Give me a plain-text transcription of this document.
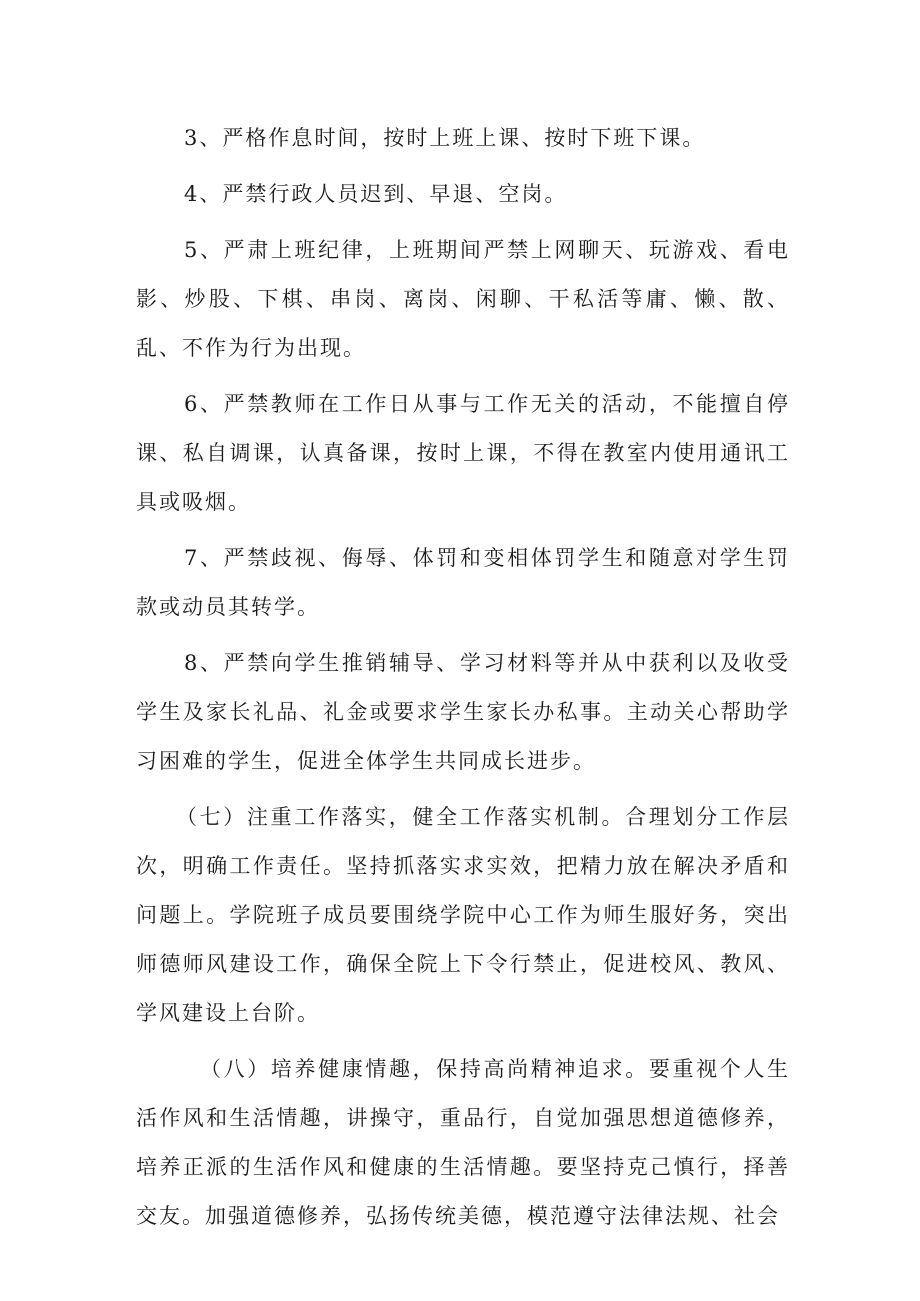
3、严格作息时间，按时上班上课、按时下班下课。

4、严禁行政人员迟到、早退、空岗。

5、严肃上班纪律，上班期间严禁上网聊天、玩游戏、看电影、炒股、下棋、串岗、离岗、闲聊、干私活等庸、懒、散、乱、不作为行为出现。

6、严禁教师在工作日从事与工作无关的活动，不能擅自停课、私自调课，认真备课，按时上课，不得在教室内使用通讯工具或吸烟。

7、严禁歧视、侮辱、体罚和变相体罚学生和随意对学生罚款或动员其转学。

8、严禁向学生推销辅导、学习材料等并从中获利以及收受学生及家长礼品、礼金或要求学生家长办私事。主动关心帮助学习困难的学生，促进全体学生共同成长进步。

（七）注重工作落实，健全工作落实机制。合理划分工作层次，明确工作责任。坚持抓落实求实效，把精力放在解决矛盾和问题上。学院班子成员要围绕学院中心工作为师生服好务，突出师德师风建设工作，确保全院上下令行禁止，促进校风、教风、学风建设上台阶。

（八）培养健康情趣，保持高尚精神追求。要重视个人生活作风和生活情趣，讲操守，重品行，自觉加强思想道德修养，培养正派的生活作风和健康的生活情趣。要坚持克己慎行，择善交友。加强道德修养，弘扬传统美德，模范遵守法律法规、社会
